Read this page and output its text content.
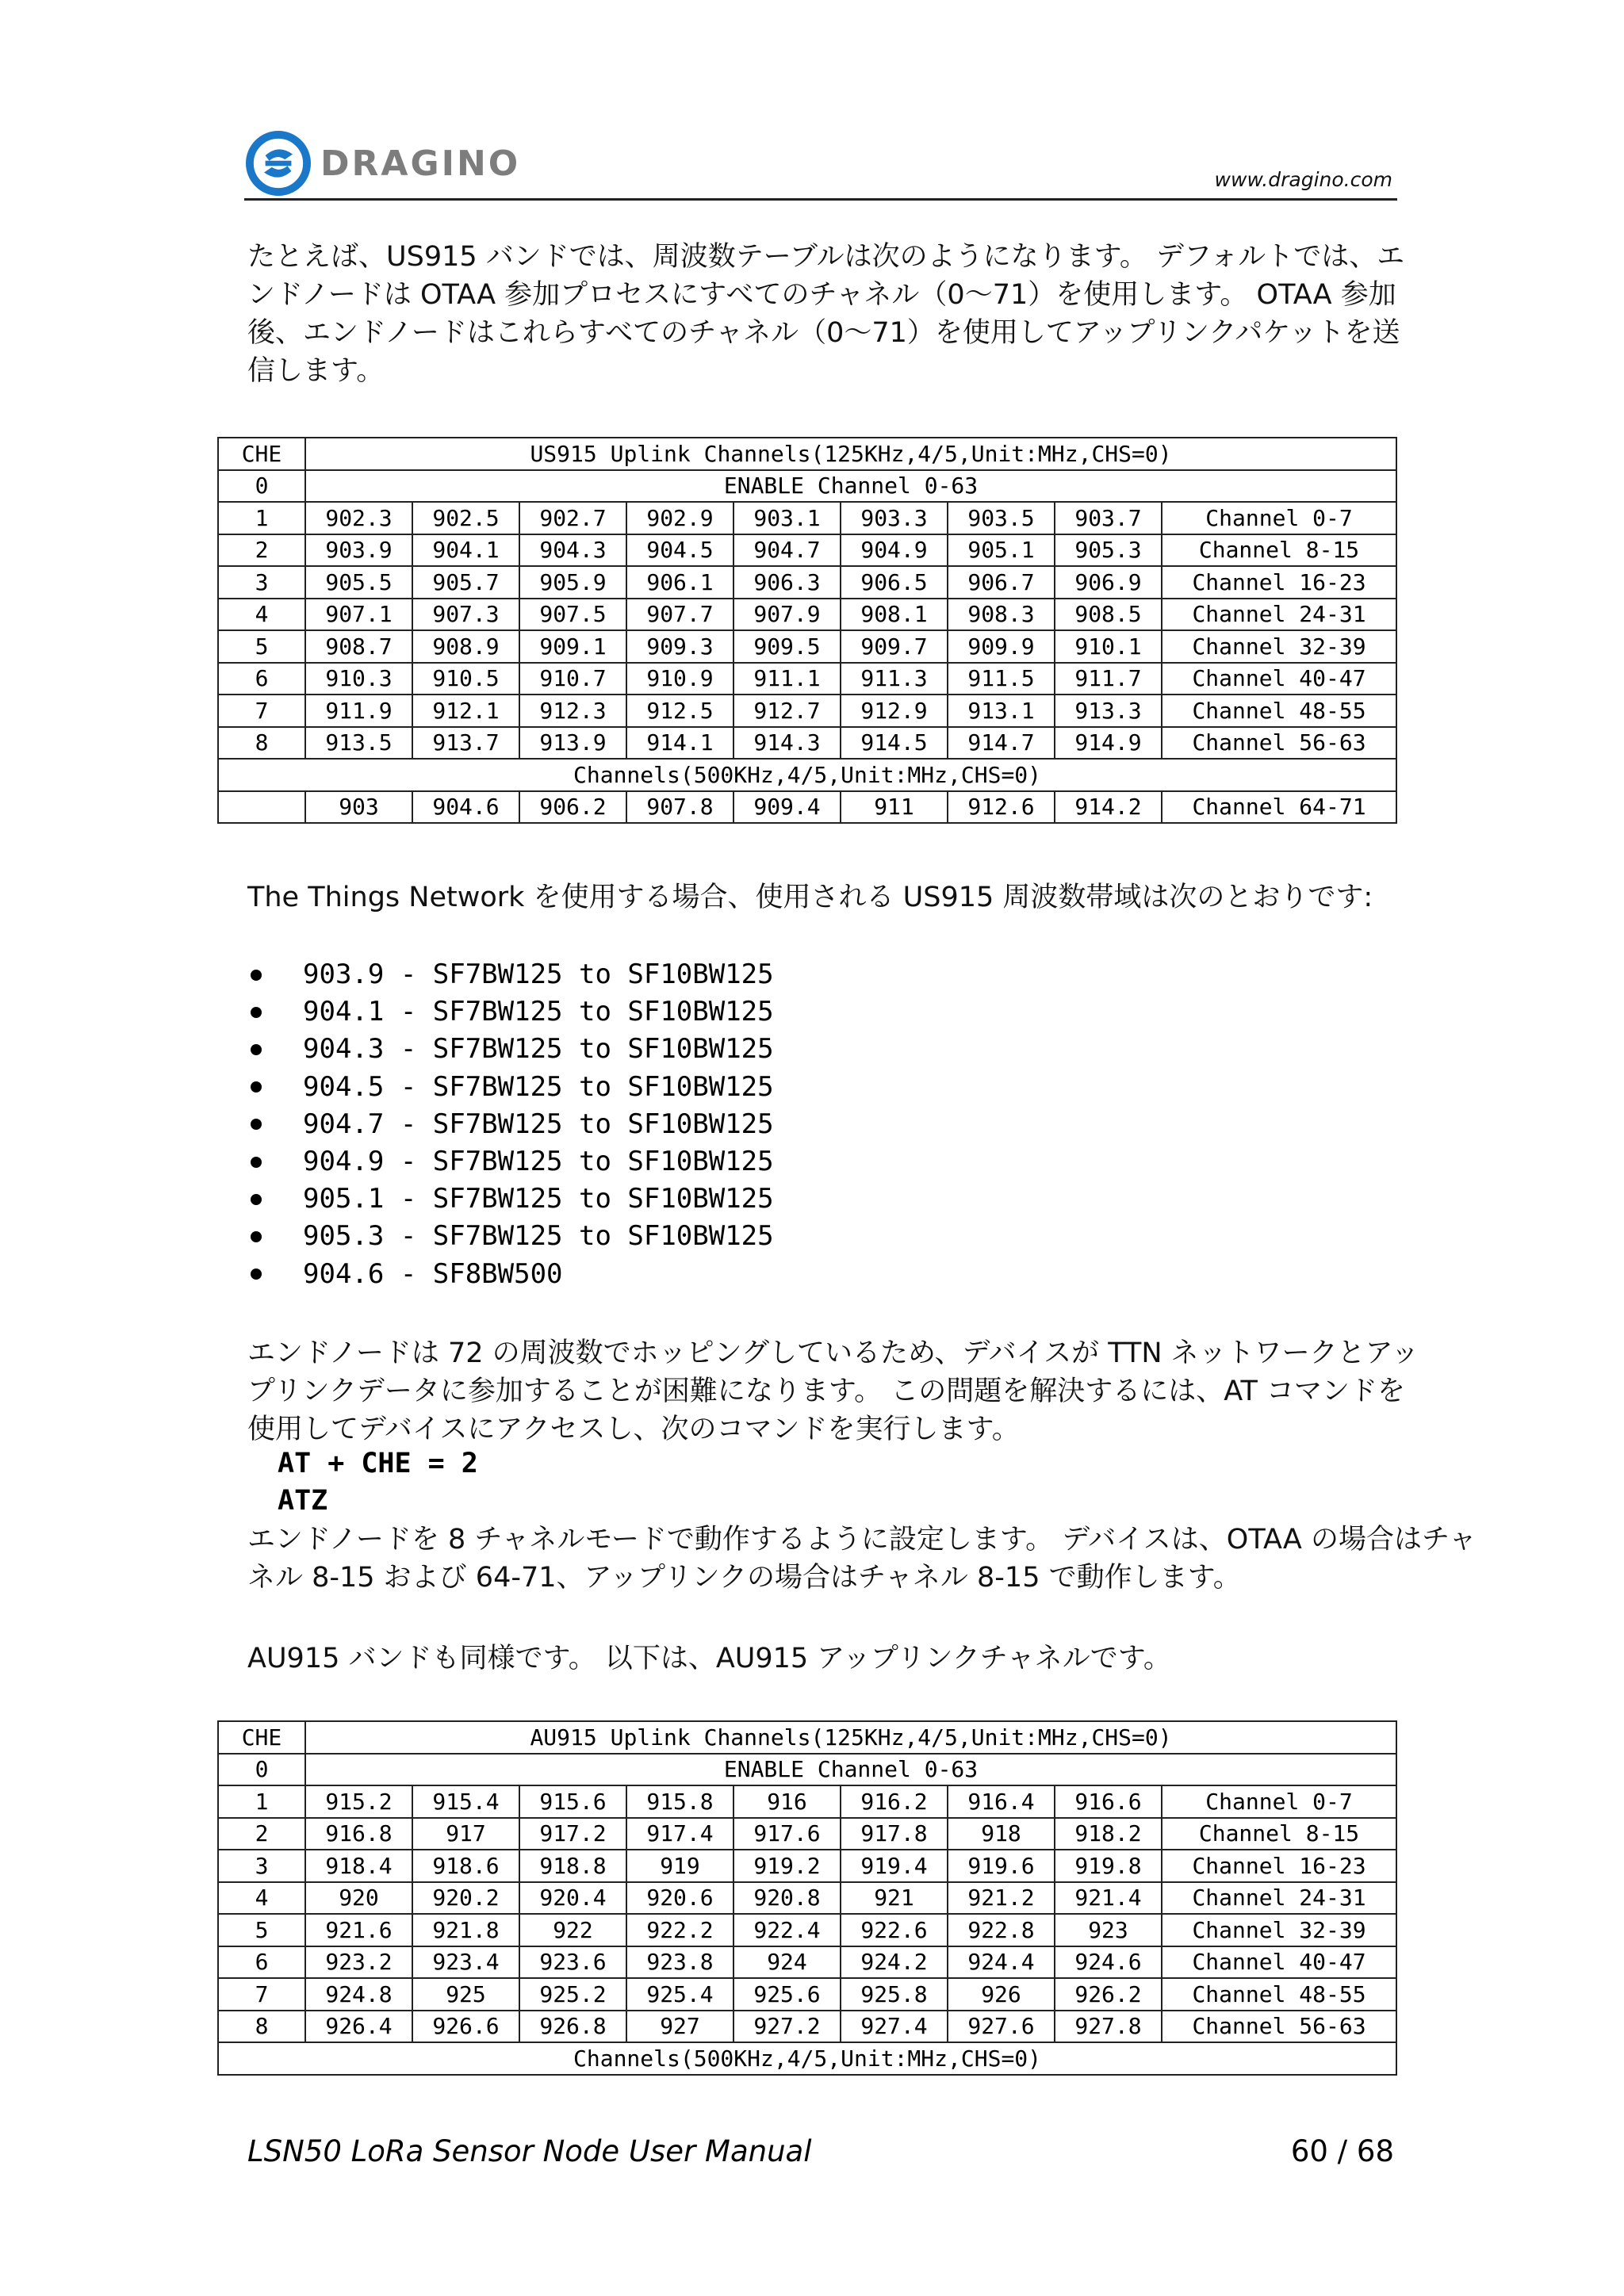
DRAGINO	www.dragino.com
たとえば、US915 バンドでは、周波数テーブルは次のようになります。 デフォルトでは、エンドノードは OTAA 参加プロセスにすべてのチャネル（0〜71）を使用します。 OTAA 参加後、エンドノードはこれらすべてのチャネル（0〜71）を使用してアップリンクパケットを送信します。
CHE	US915 Uplink Channels(125KHz,4/5,Unit:MHz,CHS=0)								
0	ENABLE Channel 0-63								
1	902.3	902.5	902.7	902.9	903.1	903.3	903.5	903.7	Channel 0-7
2	903.9	904.1	904.3	904.5	904.7	904.9	905.1	905.3	Channel 8-15
3	905.5	905.7	905.9	906.1	906.3	906.5	906.7	906.9	Channel 16-23
4	907.1	907.3	907.5	907.7	907.9	908.1	908.3	908.5	Channel 24-31
5	908.7	908.9	909.1	909.3	909.5	909.7	909.9	910.1	Channel 32-39
6	910.3	910.5	910.7	910.9	911.1	911.3	911.5	911.7	Channel 40-47
7	911.9	912.1	912.3	912.5	912.7	912.9	913.1	913.3	Channel 48-55
8	913.5	913.7	913.9	914.1	914.3	914.5	914.7	914.9	Channel 56-63
Channels(500KHz,4/5,Unit:MHz,CHS=0)									
	903	904.6	906.2	907.8	909.4	911	912.6	914.2	Channel 64-71
The Things Network を使用する場合、使用される US915 周波数帯域は次のとおりです:
903.9 - SF7BW125 to SF10BW125
904.1 - SF7BW125 to SF10BW125
904.3 - SF7BW125 to SF10BW125
904.5 - SF7BW125 to SF10BW125
904.7 - SF7BW125 to SF10BW125
904.9 - SF7BW125 to SF10BW125
905.1 - SF7BW125 to SF10BW125
905.3 - SF7BW125 to SF10BW125
904.6 - SF8BW500
エンドノードは 72 の周波数でホッピングしているため、デバイスが TTN ネットワークとアップリンクデータに参加することが困難になります。 この問題を解決するには、AT コマンドを使用してデバイスにアクセスし、次のコマンドを実行します。
AT + CHE = 2
ATZ
エンドノードを 8 チャネルモードで動作するように設定します。 デバイスは、OTAA の場合はチャネル 8-15 および 64-71、アップリンクの場合はチャネル 8-15 で動作します。
AU915 バンドも同様です。 以下は、AU915 アップリンクチャネルです。
CHE	AU915 Uplink Channels(125KHz,4/5,Unit:MHz,CHS=0)								
0	ENABLE Channel 0-63								
1	915.2	915.4	915.6	915.8	916	916.2	916.4	916.6	Channel 0-7
2	916.8	917	917.2	917.4	917.6	917.8	918	918.2	Channel 8-15
3	918.4	918.6	918.8	919	919.2	919.4	919.6	919.8	Channel 16-23
4	920	920.2	920.4	920.6	920.8	921	921.2	921.4	Channel 24-31
5	921.6	921.8	922	922.2	922.4	922.6	922.8	923	Channel 32-39
6	923.2	923.4	923.6	923.8	924	924.2	924.4	924.6	Channel 40-47
7	924.8	925	925.2	925.4	925.6	925.8	926	926.2	Channel 48-55
8	926.4	926.6	926.8	927	927.2	927.4	927.6	927.8	Channel 56-63
Channels(500KHz,4/5,Unit:MHz,CHS=0)									
LSN50 LoRa Sensor Node User Manual	60 / 68
